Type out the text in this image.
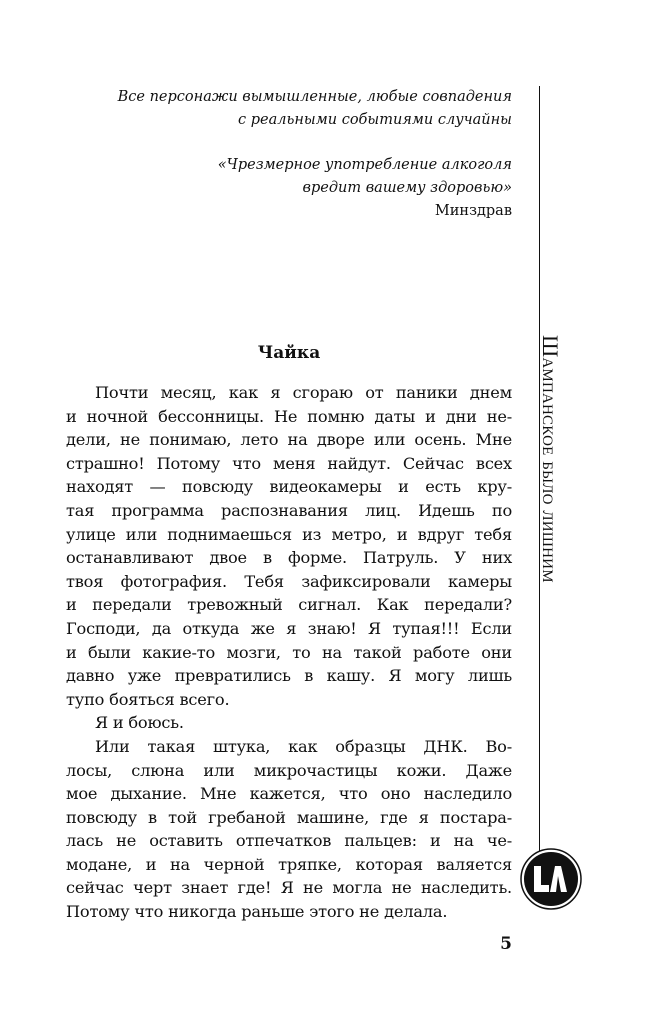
Все персонажи вымышленные, любые совпадения
с реальными событиями случайны
«Чрезмерное употребление алкоголя
вредит вашему здоровью»
Минздрав
Шампанское было лишним
Чайка
Почти месяц, как я сгораю от паники днем
и ночной бессонницы. Не помню даты и дни не-
дели, не понимаю, лето на дворе или осень. Мне
страшно! Потому что меня найдут. Сейчас всех
находят — повсюду видеокамеры и есть кру-
тая программа распознавания лиц. Идешь по
улице или поднимаешься из метро, и вдруг тебя
останавливают двое в форме. Патруль. У них
твоя фотография. Тебя зафиксировали камеры
и передали тревожный сигнал. Как передали?
Господи, да откуда же я знаю! Я тупая!!! Если
и были какие-то мозги, то на такой работе они
давно уже превратились в кашу. Я могу лишь
тупо бояться всего.
Я и боюсь.
Или такая штука, как образцы ДНК. Во-
лосы, слюна или микрочастицы кожи. Даже
мое дыхание. Мне кажется, что оно наследило
повсюду в той гребаной машине, где я постара-
лась не оставить отпечатков пальцев: и на че-
модане, и на черной тряпке, которая валяется
сейчас черт знает где! Я не могла не наследить.
Потому что никогда раньше этого не делала.
5
